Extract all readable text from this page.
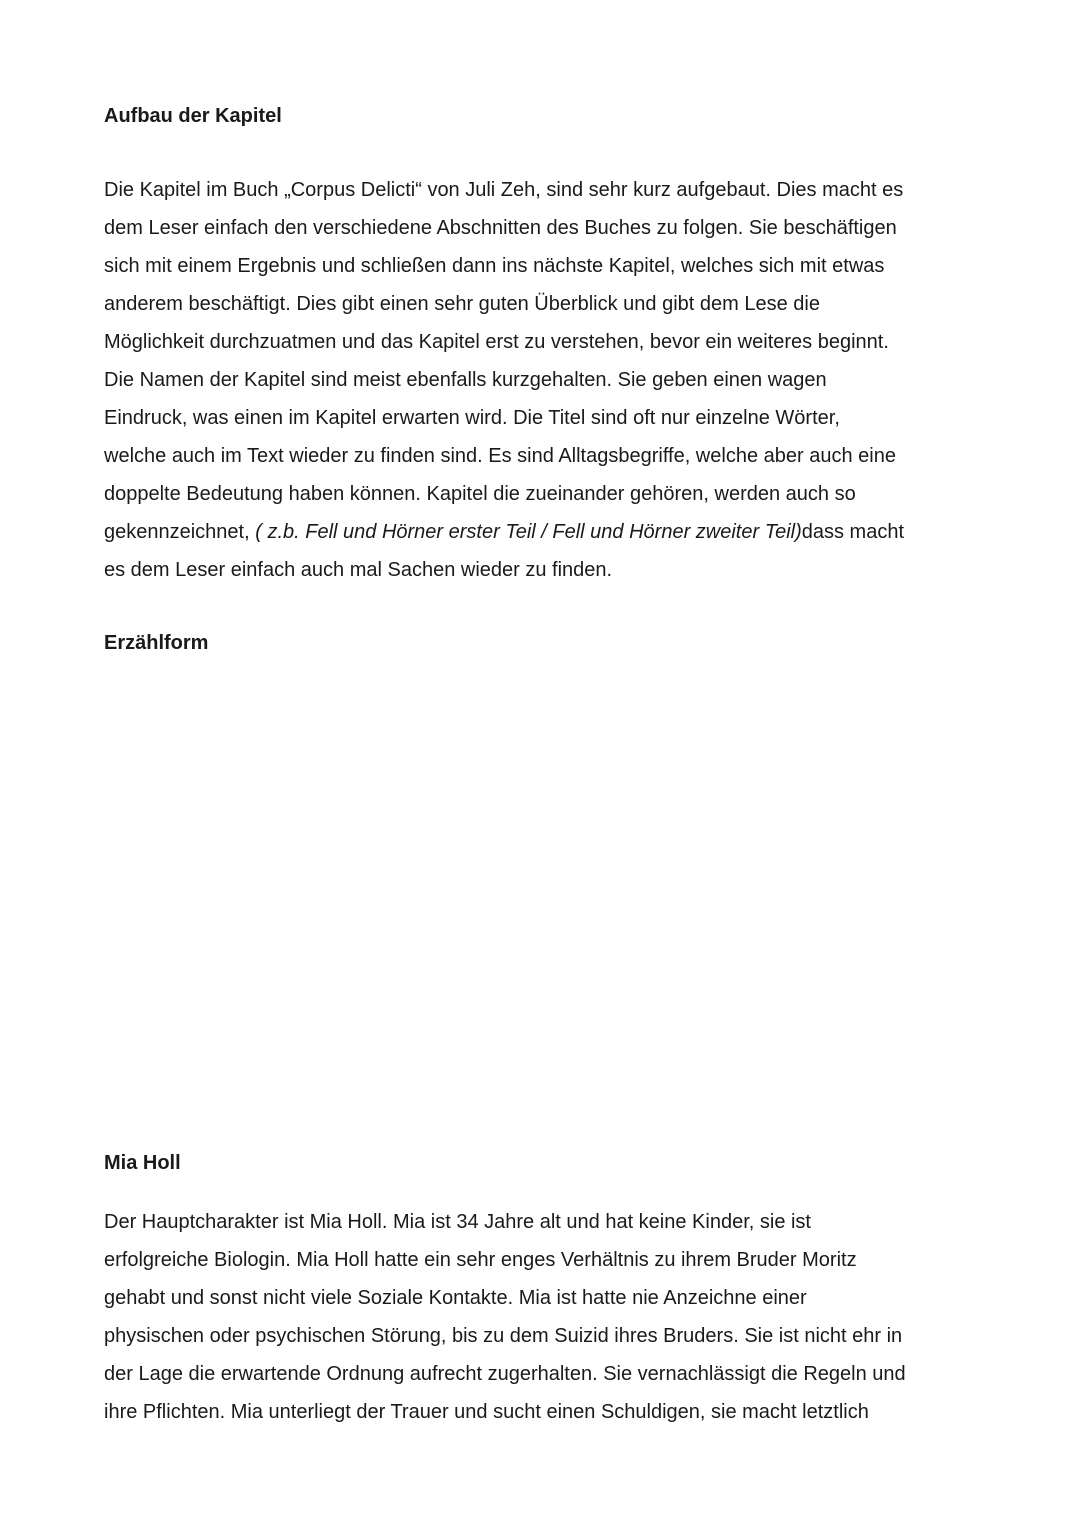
Aufbau der Kapitel

Die Kapitel im Buch „Corpus Delicti“ von Juli Zeh, sind sehr kurz aufgebaut. Dies macht es
dem Leser einfach den verschiedene Abschnitten des Buches zu folgen. Sie beschäftigen
sich mit einem Ergebnis und schließen dann ins nächste Kapitel, welches sich mit etwas
anderem beschäftigt. Dies gibt einen sehr guten Überblick und gibt dem Lese die
Möglichkeit durchzuatmen und das Kapitel erst zu verstehen, bevor ein weiteres beginnt.
Die Namen der Kapitel sind meist ebenfalls kurzgehalten. Sie geben einen wagen
Eindruck, was einen im Kapitel erwarten wird. Die Titel sind oft nur einzelne Wörter,
welche auch im Text wieder zu finden sind. Es sind Alltagsbegriffe, welche aber auch eine
doppelte Bedeutung haben können. Kapitel die zueinander gehören, werden auch so
gekennzeichnet, ( z.b. Fell und Hörner erster Teil / Fell und Hörner zweiter Teil)dass macht
es dem Leser einfach auch mal Sachen wieder zu finden.

Erzählform
Mia Holl

Der Hauptcharakter ist Mia Holl. Mia ist 34 Jahre alt und hat keine Kinder, sie ist
erfolgreiche Biologin. Mia Holl hatte ein sehr enges Verhältnis zu ihrem Bruder Moritz
gehabt und sonst nicht viele Soziale Kontakte. Mia ist hatte nie Anzeichne einer
physischen oder psychischen Störung, bis zu dem Suizid ihres Bruders. Sie ist nicht ehr in
der Lage die erwartende Ordnung aufrecht zugerhalten. Sie vernachlässigt die Regeln und
ihre Pflichten. Mia unterliegt der Trauer und sucht einen Schuldigen, sie macht letztlich
